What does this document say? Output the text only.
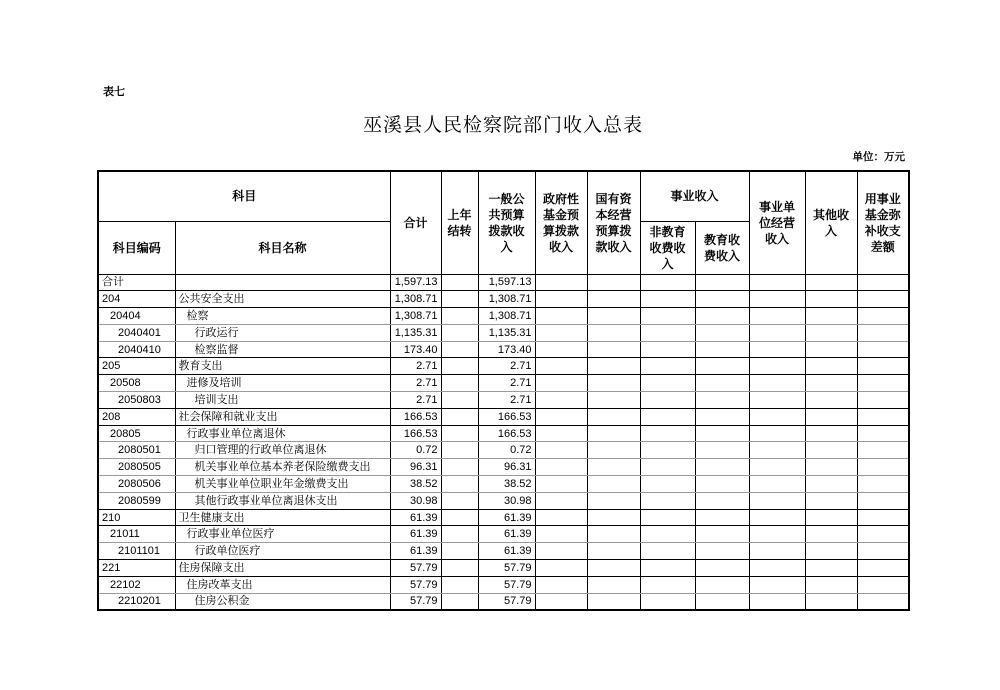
表七
巫溪县人民检察院部门收入总表
单位：万元
科目		合计	上年结转	一般公共预算拨款收入	政府性基金预算拨款收入	国有资本经营预算拨款收入	事业收入		事业单位经营收入	其他收入	用事业基金弥补收支差额
科目编码	科目名称						非教育收费收入	教育收费收入			
合计		1,597.13		1,597.13							
204	公共安全支出	1,308.71		1,308.71							
20404	检察	1,308.71		1,308.71							
2040401	行政运行	1,135.31		1,135.31							
2040410	检察监督	173.40		173.40							
205	教育支出	2.71		2.71							
20508	进修及培训	2.71		2.71							
2050803	培训支出	2.71		2.71							
208	社会保障和就业支出	166.53		166.53							
20805	行政事业单位离退休	166.53		166.53							
2080501	归口管理的行政单位离退休	0.72		0.72							
2080505	机关事业单位基本养老保险缴费支出	96.31		96.31							
2080506	机关事业单位职业年金缴费支出	38.52		38.52							
2080599	其他行政事业单位离退休支出	30.98		30.98							
210	卫生健康支出	61.39		61.39							
21011	行政事业单位医疗	61.39		61.39							
2101101	行政单位医疗	61.39		61.39							
221	住房保障支出	57.79		57.79							
22102	住房改革支出	57.79		57.79							
2210201	住房公积金	57.79		57.79							
